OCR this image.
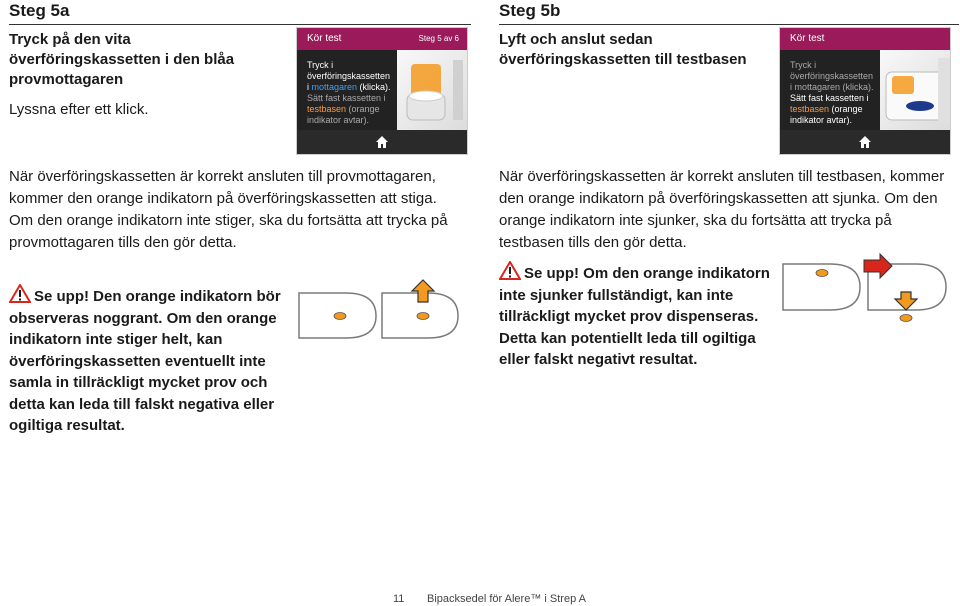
Steg 5a
Tryck på den vita överföringskassetten i den blåa provmottagaren
Lyssna efter ett klick.
Kör test	Steg 5 av 6
Tryck i överföringskassetten i mottagaren (klicka). Sätt fast kassetten i testbasen (orange indikator avtar).
När överföringskassetten är korrekt ansluten till provmottagaren, kommer den orange indikatorn på överföringskassetten att stiga. Om den orange indikatorn inte stiger, ska du fortsätta att trycka på provmottagaren tills den gör detta.
Se upp! Den orange indikatorn bör observeras noggrant. Om den orange indikatorn inte stiger helt, kan överföringskassetten eventuellt inte samla in tillräckligt mycket prov och detta kan leda till falskt negativa eller ogiltiga resultat.
Steg 5b
Lyft och anslut sedan överföringskassetten till testbasen
Kör test
Tryck i överföringskassetten i mottagaren (klicka). Sätt fast kassetten i testbasen (orange indikator avtar).
När överföringskassetten är korrekt ansluten till testbasen, kommer den orange indikatorn på överföringskassetten att sjunka. Om den orange indikatorn inte sjunker, ska du fortsätta att trycka på testbasen tills den gör detta.
Se upp! Om den orange indikatorn inte sjunker fullständigt, kan inte tillräckligt mycket prov dispenseras. Detta kan potentiellt leda till ogiltiga eller falskt negativt resultat.
11 Bipacksedel för Alere™ i Strep A
